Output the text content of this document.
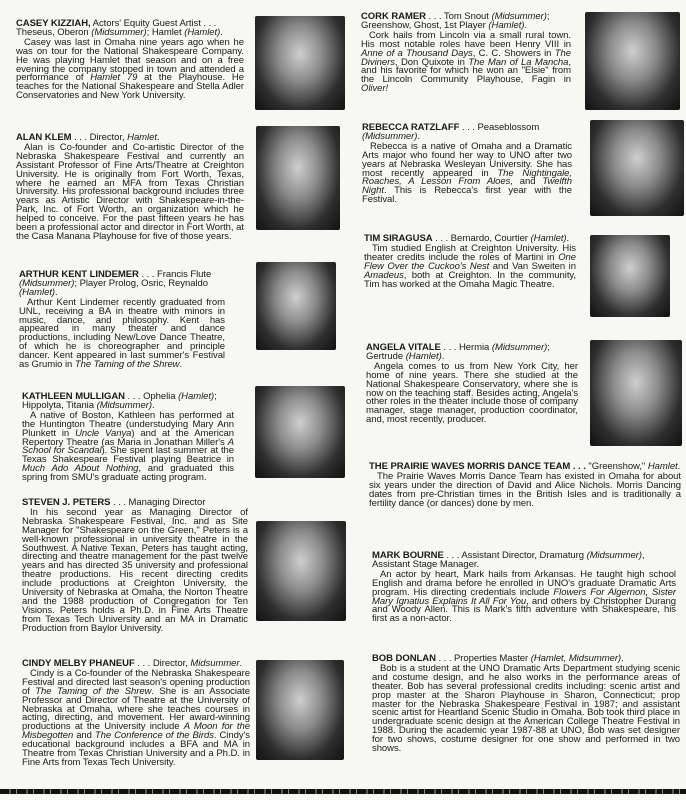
CASEY KIZZIAH, Actors' Equity Guest Artist . . . Theseus, Oberon (Midsummer); Hamlet (Hamlet).

Casey was last in Omaha nine years ago when he was on tour for the National Shakespeare Company. He was playing Hamlet that season and on a free evening the company stopped in town and attended a performance of Hamlet 79 at the Playhouse. He teaches for the National Shakespeare and Stella Adler Conservatories and New York University.

ALAN KLEM . . . Director, Hamlet.

Alan is Co-founder and Co-artistic Director of the Nebraska Shakespeare Festival and currently an Assistant Professor of Fine Arts/Theatre at Creighton University. He is originally from Fort Worth, Texas, where he earned an MFA from Texas Christian University. His professional background includes three years as Artistic Director with Shakespeare-in-the-Park, Inc. of Fort Worth, an organization which he helped to conceive. For the past fifteen years he has been a professional actor and director in Fort Worth, at the Casa Manana Playhouse for five of those years.

ARTHUR KENT LINDEMER . . . Francis Flute (Midsummer); Player Prolog, Osric, Reynaldo (Hamlet).

Arthur Kent Lindemer recently graduated from UNL, receiving a BA in theatre with minors in music, dance, and philosophy. Kent has appeared in many theater and dance productions, including New/Love Dance Theatre, of which he is choreographer and principle dancer. Kent appeared in last summer's Festival as Grumio in The Taming of the Shrew.

KATHLEEN MULLIGAN . . . Ophelia (Hamlet); Hippolyta, Titania (Midsummer).

A native of Boston, Kathleen has performed at the Huntington Theatre (understudying Mary Ann Plunkett in Uncle Vanya) and at the American Repertory Theatre (as Maria in Jonathan Miller's A School for Scandal). She spent last summer at the Texas Shakespeare Festival playing Beatrice in Much Ado About Nothing, and graduated this spring from SMU's graduate acting program.

STEVEN J. PETERS . . . Managing Director

In his second year as Managing Director of Nebraska Shakespeare Festival, Inc. and as Site Manager for "Shakespeare on the Green," Peters is a well-known professional in university theatre in the Southwest. A Native Texan, Peters has taught acting, directing and theatre management for the past twelve years and has directed 35 university and professional theatre productions. His recent directing credits include productions at Creighton University, the University of Nebraska at Omaha, the Norton Theatre and the 1988 production of Congregation for Ten Visions. Peters holds a Ph.D. in Fine Arts Theatre from Texas Tech University and an MA in Dramatic Production from Baylor University.

CINDY MELBY PHANEUF . . . Director, Midsummer.

Cindy is a Co-founder of the Nebraska Shakespeare Festival and directed last season's opening production of The Taming of the Shrew. She is an Associate Professor and Director of Theatre at the University of Nebraska at Omaha, where she teaches courses in acting, directing, and movement. Her award-winning productions at the University include A Moon for the Misbegotten and The Conference of the Birds. Cindy's educational background includes a BFA and MA in Theatre from Texas Christian University and a Ph.D. in Fine Arts from Texas Tech University.

CORK RAMER . . . Tom Snout (Midsummer); Greenshow, Ghost, 1st Player (Hamlet).

Cork hails from Lincoln via a small rural town. His most notable roles have been Henry VIII in Anne of a Thousand Days, C. C. Showers in The Diviners, Don Quixote in The Man of La Mancha, and his favorite for which he won an "Elsie" from the Lincoln Community Playhouse, Fagin in Oliver!

REBECCA RATZLAFF . . . Peaseblossom (Midsummer).

Rebecca is a native of Omaha and a Dramatic Arts major who found her way to UNO after two years at Nebraska Wesleyan University. She has most recently appeared in The Nightingale, Roaches, A Lesson From Aloes, and Twelfth Night. This is Rebecca's first year with the Festival.

TIM SIRAGUSA . . . Bernardo, Courtier (Hamlet).

Tim studied English at Creighton University. His theater credits include the roles of Martini in One Flew Over the Cuckoo's Nest and Van Sweiten in Amadeus, both at Creighton. In the community, Tim has worked at the Omaha Magic Theatre.

ANGELA VITALE . . . Hermia (Midsummer); Gertrude (Hamlet).

Angela comes to us from New York City, her home of nine years. There she studied at the National Shakespeare Conservatory, where she is now on the teaching staff. Besides acting, Angela's other roles in the theater include those of company manager, stage manager, production coordinator, and, most recently, producer.

THE PRAIRIE WAVES MORRIS DANCE TEAM . . . "Greenshow," Hamlet.

The Prairie Waves Morris Dance Team has existed in Omaha for about six years under the direction of David and Alice Nichols. Morris Dancing dates from pre-Christian times in the British Isles and is traditionally a fertility dance (or dances) done by men.

MARK BOURNE . . . Assistant Director, Dramaturg (Midsummer), Assistant Stage Manager.

An actor by heart, Mark hails from Arkansas. He taught high school English and drama before he enrolled in UNO's graduate Dramatic Arts program. His directing credentials include Flowers For Algernon, Sister Mary Ignatius Explains It All For You, and others by Christopher Durang and Woody Allen. This is Mark's fifth adventure with Shakespeare, his first as a non-actor.

BOB DONLAN . . . Properties Master (Hamlet, Midsummer).

Bob is a student at the UNO Dramatic Arts Department studying scenic and costume design, and he also works in the performance areas of theater. Bob has several professional credits including: scenic artist and prop master at the Sharon Playhouse in Sharon, Connecticut; prop master for the Nebraska Shakespeare Festival in 1987; and assistant scenic artist for Heartland Scenic Studio in Omaha. Bob took third place in undergraduate scenic design at the American College Theatre Festival in 1988. During the academic year 1987-88 at UNO, Bob was set designer for two shows, costume designer for one show and performed in two shows.
